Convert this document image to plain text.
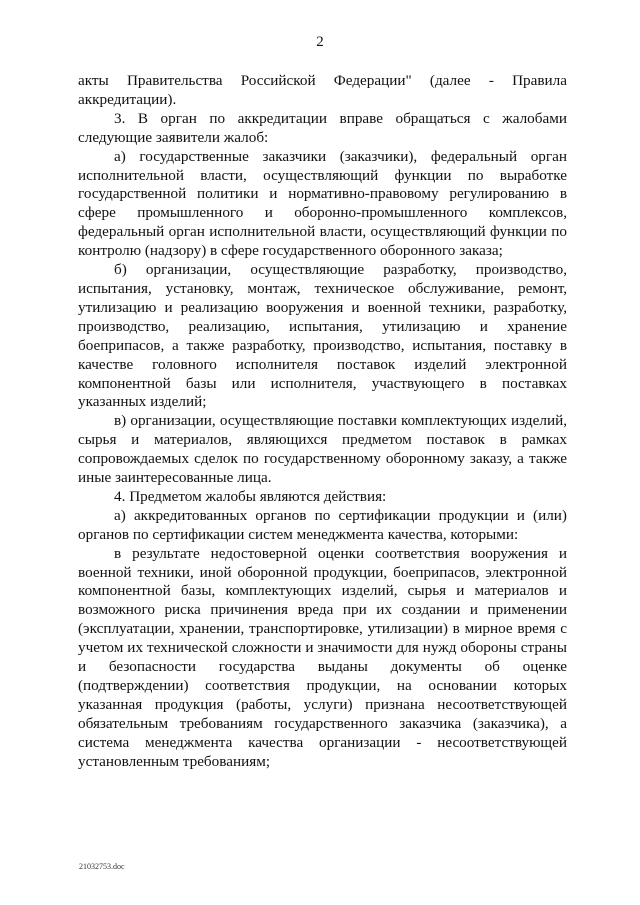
2

акты Правительства Российской Федерации" (далее - Правила аккредитации).

3. В орган по аккредитации вправе обращаться с жалобами следующие заявители жалоб:

а) государственные заказчики (заказчики), федеральный орган исполнительной власти, осуществляющий функции по выработке государственной политики и нормативно-правовому регулированию в сфере промышленного и оборонно-промышленного комплексов, федеральный орган исполнительной власти, осуществляющий функции по контролю (надзору) в сфере государственного оборонного заказа;

б) организации, осуществляющие разработку, производство, испытания, установку, монтаж, техническое обслуживание, ремонт, утилизацию и реализацию вооружения и военной техники, разработку, производство, реализацию, испытания, утилизацию и хранение боеприпасов, а также разработку, производство, испытания, поставку в качестве головного исполнителя поставок изделий электронной компонентной базы или исполнителя, участвующего в поставках указанных изделий;

в) организации, осуществляющие поставки комплектующих изделий, сырья и материалов, являющихся предметом поставок в рамках сопровождаемых сделок по государственному оборонному заказу, а также иные заинтересованные лица.

4. Предметом жалобы являются действия:

а) аккредитованных органов по сертификации продукции и (или) органов по сертификации систем менеджмента качества, которыми:

в результате недостоверной оценки соответствия вооружения и военной техники, иной оборонной продукции, боеприпасов, электронной компонентной базы, комплектующих изделий, сырья и материалов и возможного риска причинения вреда при их создании и применении (эксплуатации, хранении, транспортировке, утилизации) в мирное время с учетом их технической сложности и значимости для нужд обороны страны и безопасности государства выданы документы об оценке (подтверждении) соответствия продукции, на основании которых указанная продукция (работы, услуги) признана несоответствующей обязательным требованиям государственного заказчика (заказчика), а система менеджмента качества организации - несоответствующей установленным требованиям;

21032753.doc
